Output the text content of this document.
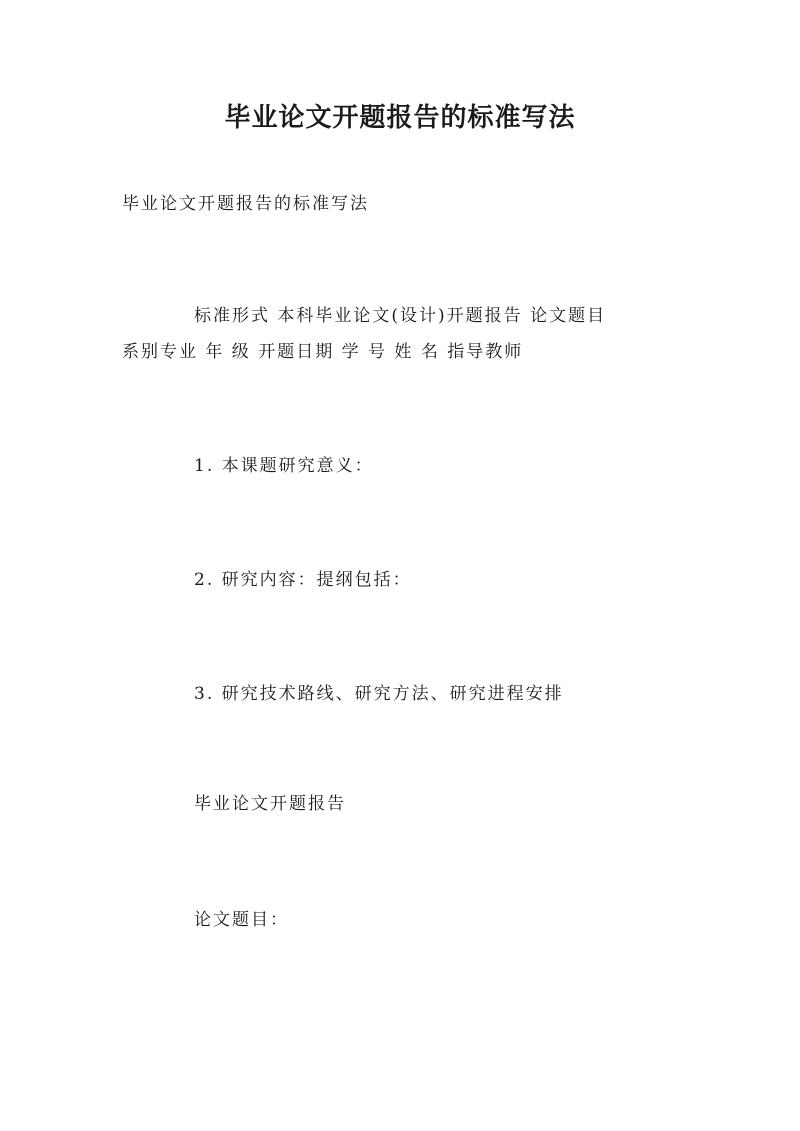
毕业论文开题报告的标准写法

毕业论文开题报告的标准写法

标准形式 本科毕业论文(设计)开题报告 论文题目

系别专业 年 级 开题日期 学 号 姓 名 指导教师

1. 本课题研究意义：

2. 研究内容：提纲包括：

3. 研究技术路线、研究方法、研究进程安排

毕业论文开题报告

论文题目：
